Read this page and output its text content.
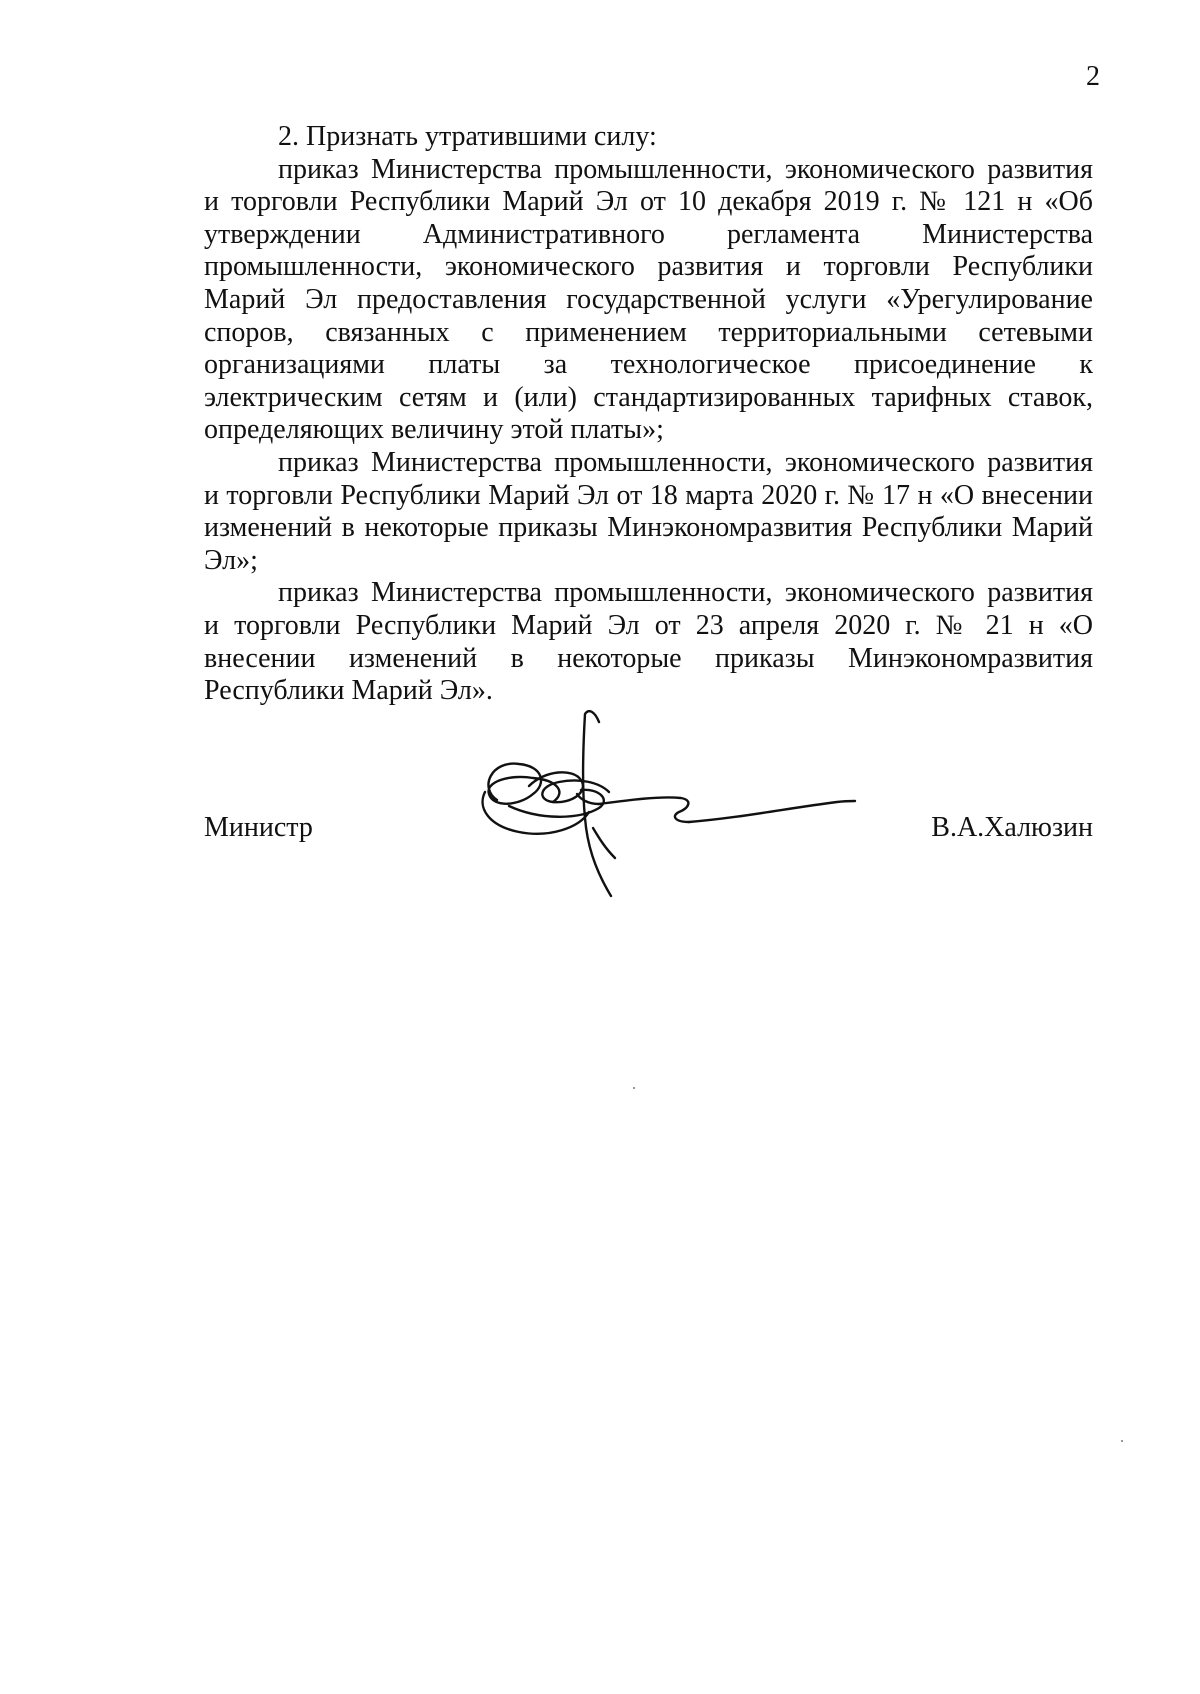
2

2. Признать утратившими силу:

приказ Министерства промышленности, экономического развития и торговли Республики Марий Эл от 10 декабря 2019 г. № 121 н «Об утверждении Административного регламента Министерства промышленности, экономического развития и торговли Республики Марий Эл предоставления государственной услуги «Урегулирование споров, связанных с применением территориальными сетевыми организациями платы за технологическое присоединение к электрическим сетям и (или) стандартизированных тарифных ставок, определяющих величину этой платы»;

приказ Министерства промышленности, экономического развития и торговли Республики Марий Эл от 18 марта 2020 г. № 17 н «О внесении изменений в некоторые приказы Минэкономразвития Республики Марий Эл»;

приказ Министерства промышленности, экономического развития и торговли Республики Марий Эл от 23 апреля 2020 г. № 21 н «О внесении изменений в некоторые приказы Минэкономразвития Республики Марий Эл».

Министр	В.А.Халюзин
